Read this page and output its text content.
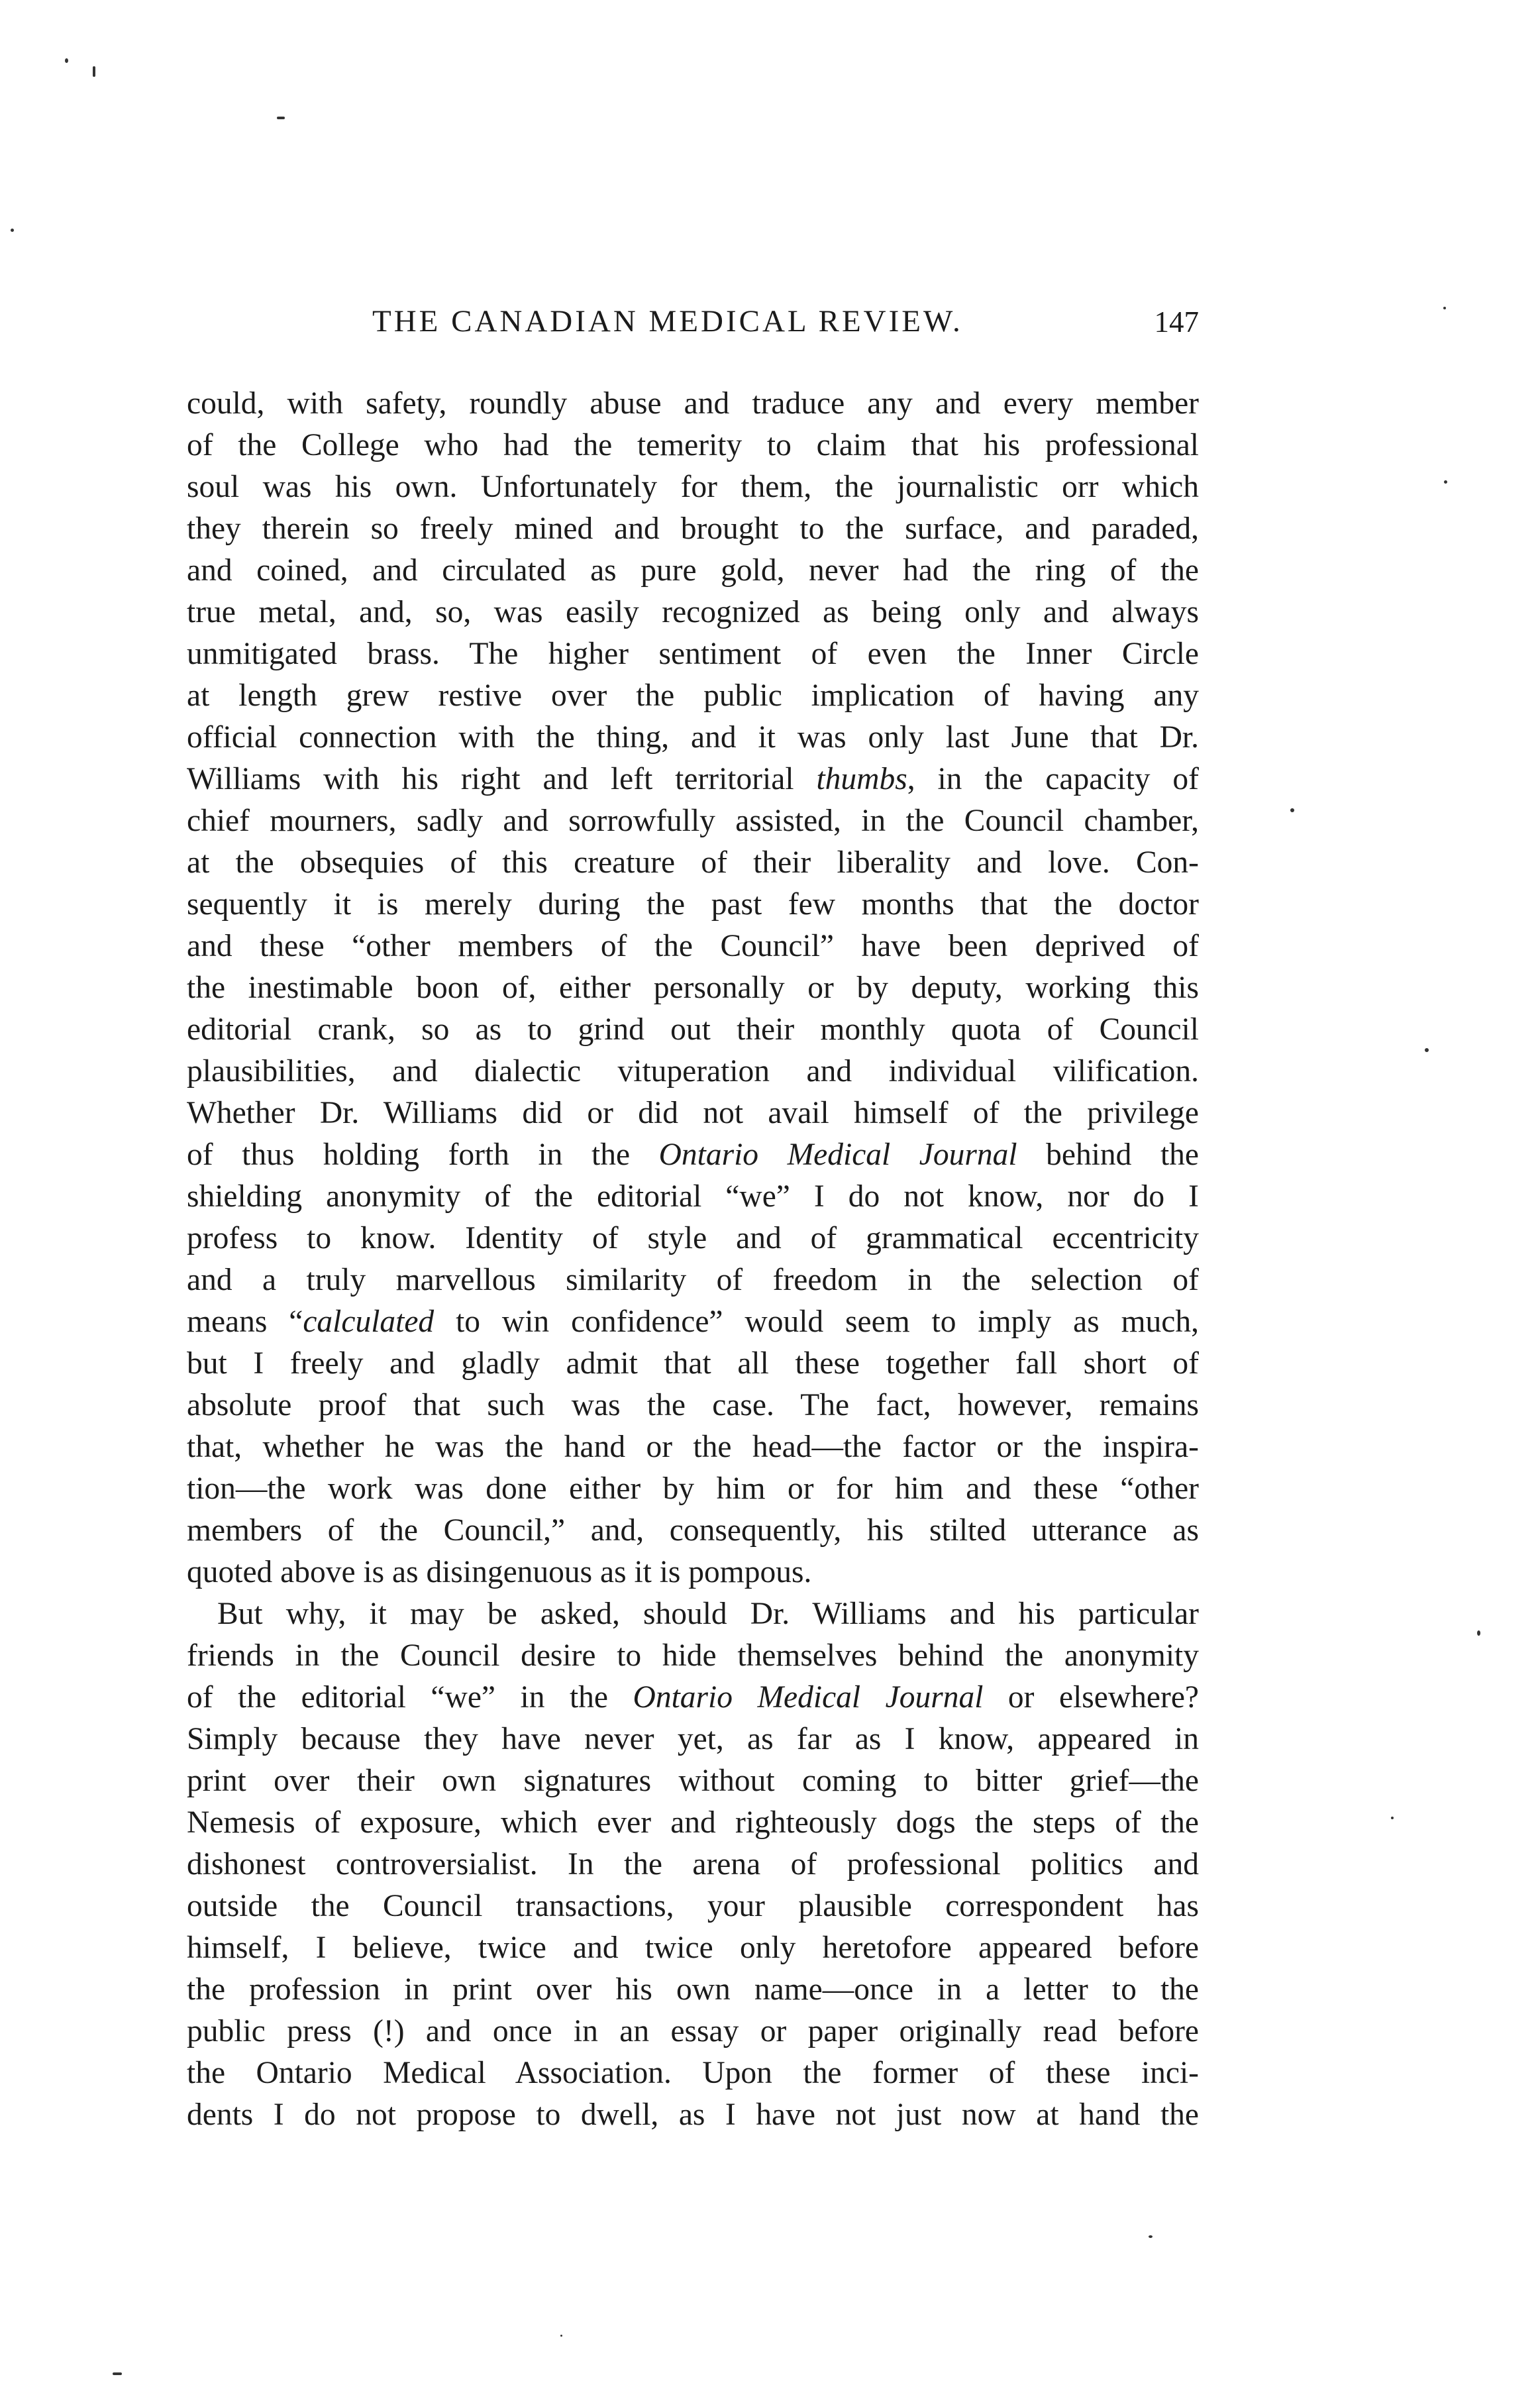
THE CANADIAN MEDICAL REVIEW.	147
could, with safety, roundly abuse and traduce any and every member
of the College who had the temerity to claim that his professional
soul was his own. Unfortunately for them, the journalistic orr which
they therein so freely mined and brought to the surface, and paraded,
and coined, and circulated as pure gold, never had the ring of the
true metal, and, so, was easily recognized as being only and always
unmitigated brass. The higher sentiment of even the Inner Circle
at length grew restive over the public implication of having any
official connection with the thing, and it was only last June that Dr.
Williams with his right and left territorial thumbs, in the capacity of
chief mourners, sadly and sorrowfully assisted, in the Council chamber,
at the obsequies of this creature of their liberality and love. Con-
sequently it is merely during the past few months that the doctor
and these “other members of the Council” have been deprived of
the inestimable boon of, either personally or by deputy, working this
editorial crank, so as to grind out their monthly quota of Council
plausibilities, and dialectic vituperation and individual vilification.
Whether Dr. Williams did or did not avail himself of the privilege
of thus holding forth in the Ontario Medical Journal behind the
shielding anonymity of the editorial “we” I do not know, nor do I
profess to know. Identity of style and of grammatical eccentricity
and a truly marvellous similarity of freedom in the selection of
means “calculated to win confidence” would seem to imply as much,
but I freely and gladly admit that all these together fall short of
absolute proof that such was the case. The fact, however, remains
that, whether he was the hand or the head—the factor or the inspira-
tion—the work was done either by him or for him and these “other
members of the Council,” and, consequently, his stilted utterance as
quoted above is as disingenuous as it is pompous.
But why, it may be asked, should Dr. Williams and his particular
friends in the Council desire to hide themselves behind the anonymity
of the editorial “we” in the Ontario Medical Journal or elsewhere?
Simply because they have never yet, as far as I know, appeared in
print over their own signatures without coming to bitter grief—the
Nemesis of exposure, which ever and righteously dogs the steps of the
dishonest controversialist. In the arena of professional politics and
outside the Council transactions, your plausible correspondent has
himself, I believe, twice and twice only heretofore appeared before
the profession in print over his own name—once in a letter to the
public press (!) and once in an essay or paper originally read before
the Ontario Medical Association. Upon the former of these inci-
dents I do not propose to dwell, as I have not just now at hand the
